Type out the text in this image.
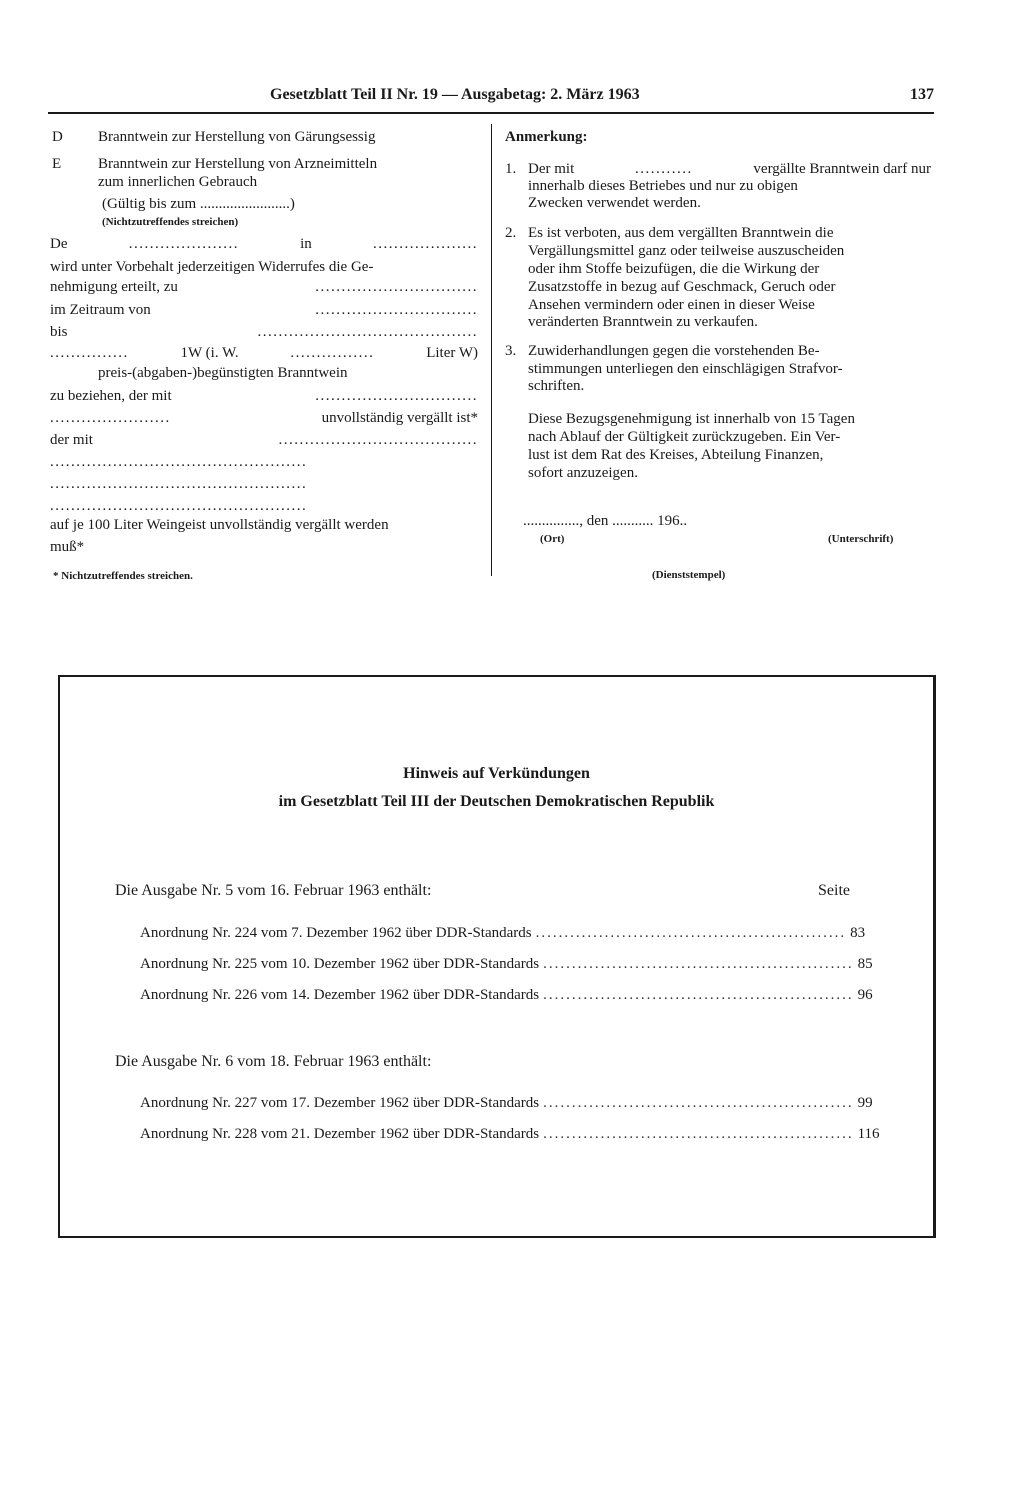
Gesetzblatt Teil II Nr. 19 — Ausgabetag: 2. März 1963	137
D Branntwein zur Herstellung von Gärungsessig
E Branntwein zur Herstellung von Arzneimitteln
zum innerlichen Gebrauch
(Gültig bis zum ........................)
(Nichtzutreffendes streichen)
De	.....................	in	....................
wird unter Vorbehalt jederzeitigen Widerrufes die Ge-
nehmigung erteilt, zu	...............................
im Zeitraum von	...............................
bis	..........................................
...............	1W (i. W.	................	Liter W)
preis-(abgaben-)begünstigten Branntwein
zu beziehen, der mit	...............................
.......................	unvollständig vergällt ist*
der mit	......................................
.................................................
.................................................
.................................................
auf je 100 Liter Weingeist unvollständig vergällt werden
muß*
* Nichtzutreffendes streichen.
Anmerkung:
1. Der mit	...........	vergällte Branntwein darf nur
innerhalb dieses Betriebes und nur zu obigen
Zwecken verwendet werden.
2. Es ist verboten, aus dem vergällten Branntwein die
Vergällungsmittel ganz oder teilweise auszuscheiden
oder ihm Stoffe beizufügen, die die Wirkung der
Zusatzstoffe in bezug auf Geschmack, Geruch oder
Ansehen vermindern oder einen in dieser Weise
veränderten Branntwein zu verkaufen.
3. Zuwiderhandlungen gegen die vorstehenden Be-
stimmungen unterliegen den einschlägigen Strafvor-
schriften.
Diese Bezugsgenehmigung ist innerhalb von 15 Tagen
nach Ablauf der Gültigkeit zurückzugeben. Ein Ver-
lust ist dem Rat des Kreises, Abteilung Finanzen,
sofort anzuzeigen.
..............., den ........... 196..
(Ort)	(Unterschrift)
(Dienststempel)
Hinweis auf Verkündungen
im Gesetzblatt Teil III der Deutschen Demokratischen Republik
Die Ausgabe Nr. 5 vom 16. Februar 1963 enthält:	Seite
Anordnung Nr. 224 vom 7. Dezember 1962 über DDR-Standards ...................................................... 83
Anordnung Nr. 225 vom 10. Dezember 1962 über DDR-Standards ...................................................... 85
Anordnung Nr. 226 vom 14. Dezember 1962 über DDR-Standards ...................................................... 96
Die Ausgabe Nr. 6 vom 18. Februar 1963 enthält:
Anordnung Nr. 227 vom 17. Dezember 1962 über DDR-Standards ...................................................... 99
Anordnung Nr. 228 vom 21. Dezember 1962 über DDR-Standards ...................................................... 116
